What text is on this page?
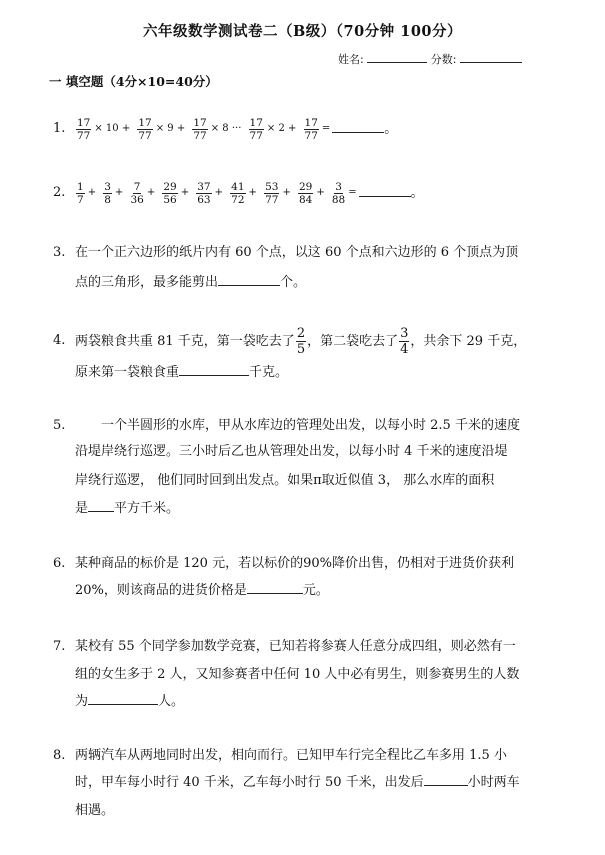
六年级数学测试卷二（B级）（70分钟 100分）
姓名:	分数:
一 填空题（4分×10=40分）
1. $\frac{17}{77} \times 10 + \frac{17}{77} \times 9 + \frac{17}{77} \times 8$ ··· $\frac{17}{77} \times 2 + \frac{17}{77}$ =	。
2. $\frac{1}{7} + \frac{3}{8} + \frac{7}{36} + \frac{29}{56} + \frac{37}{63} + \frac{41}{72} + \frac{53}{77} + \frac{29}{84} + \frac{3}{88}$ =	。
3. 在一个正六边形的纸片内有 60 个点，以这 60 个点和六边形的 6 个顶点为顶
点的三角形，最多能剪出	个。
4. 两袋粮食共重 81 千克，第一袋吃去了 $\frac{2}{5}$ ，第二袋吃去了 $\frac{3}{4}$ ，共余下 29 千克，
原来第一袋粮食重	千克。
5.	一个半圆形的水库，甲从水库边的管理处出发，以每小时 2.5 千米的速度
沿堤岸绕行巡逻。三小时后乙也从管理处出发，以每小时 4 千米的速度沿堤
岸绕行巡逻， 他们同时回到出发点。如果π取近似值 3， 那么水库的面积
是 平方千米。
6. 某种商品的标价是 120 元，若以标价的90%降价出售，仍相对于进货价获利
20%，则该商品的进货价格是	元。
7. 某校有 55 个同学参加数学竞赛，已知若将参赛人任意分成四组，则必然有一
组的女生多于 2 人，又知参赛者中任何 10 人中必有男生，则参赛男生的人数
为	人。
8. 两辆汽车从两地同时出发，相向而行。已知甲车行完全程比乙车多用 1.5 小
时，甲车每小时行 40 千米，乙车每小时行 50 千米，出发后	小时两车
相遇。
